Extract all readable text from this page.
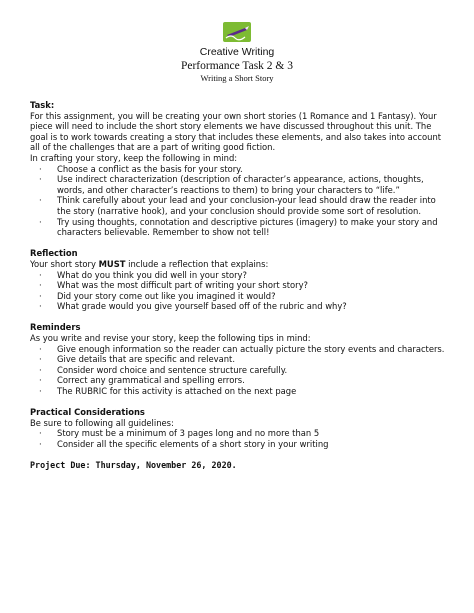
Creative Writing
Performance Task 2 & 3
Writing a Short Story
Task:

For this assignment, you will be creating your own short stories (1 Romance and 1 Fantasy). Your piece will need to include the short story elements we have discussed throughout this unit. The goal is to work towards creating a story that includes these elements, and also takes into account all of the challenges that are a part of writing good fiction.

In crafting your story, keep the following in mind:

· Choose a conflict as the basis for your story.
· Use indirect characterization (description of character’s appearance, actions, thoughts, words, and other character’s reactions to them) to bring your characters to “life.”
· Think carefully about your lead and your conclusion-your lead should draw the reader into the story (narrative hook), and your conclusion should provide some sort of resolution.
· Try using thoughts, connotation and descriptive pictures (imagery) to make your story and characters believable. Remember to show not tell!
Reflection

Your short story MUST include a reflection that explains:

· What do you think you did well in your story?
· What was the most difficult part of writing your short story?
· Did your story come out like you imagined it would?
· What grade would you give yourself based off of the rubric and why?
Reminders

As you write and revise your story, keep the following tips in mind:

· Give enough information so the reader can actually picture the story events and characters.
· Give details that are specific and relevant.
· Consider word choice and sentence structure carefully.
· Correct any grammatical and spelling errors.
· The RUBRIC for this activity is attached on the next page
Practical Considerations

Be sure to following all guidelines:

· Story must be a minimum of 3 pages long and no more than 5
· Consider all the specific elements of a short story in your writing
Project Due: Thursday, November 26, 2020.
